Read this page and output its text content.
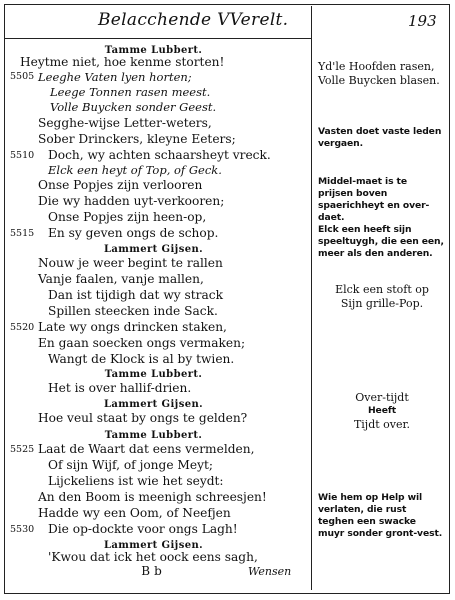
Belacchende VVerelt.	193
Tamme Lubbert.
Heytme niet, hoe kenme storten!
Leeghe Vaten lyen horten;
Leege Tonnen rasen meest.
Volle Buycken sonder Geest.
Segghe-wijse Letter-weters,
Sober Drinckers, kleyne Eeters;
Doch, wy achten schaarsheyt vreck.
Elck een heyt of Top, of Geck.
Onse Popjes zijn verlooren
Die wy hadden uyt-verkooren;
Onse Popjes zijn heen-op,
En sy geven ongs de schop.
Lammert Gijsen.
Nouw je weer begint te rallen
Vanje faalen, vanje mallen,
Dan ist tijdigh dat wy strack
Spillen steecken inde Sack.
Late wy ongs drincken staken,
En gaan soecken ongs vermaken;
Wangt de Klock is al by twien.
Tamme Lubbert.
Het is over hallif-drien.
Lammert Gijsen.
Hoe veul staat by ongs te gelden?
Tamme Lubbert.
Laat de Waart dat eens vermelden,
Of sijn Wijf, of jonge Meyt;
Lijckeliens ist wie het seydt:
An den Boom is meenigh schreesjen!
Hadde wy een Oom, of Neefjen
Die op-dockte voor ongs Lagh!
Lammert Gijsen.
'Kwou dat ick het oock eens sagh,
5505
5510
5515
5520
5525
5530
Yd'le Hoofden rasen,
Volle Buycken blasen.
Vasten doet vaste leden vergaen.
Middel-maet is te prijsen boven spaerichheyt en over-daet.
Elck een heeft sijn speeltuygh, die een een, meer als den anderen.
Elck een stoft op
Sijn grille-Pop.
Over-tijdt
Heeft
Tijdt over.
Wie hem op Help wil verlaten, die rust teghen een swacke muyr sonder gront-vest.
Bb	Wensen
